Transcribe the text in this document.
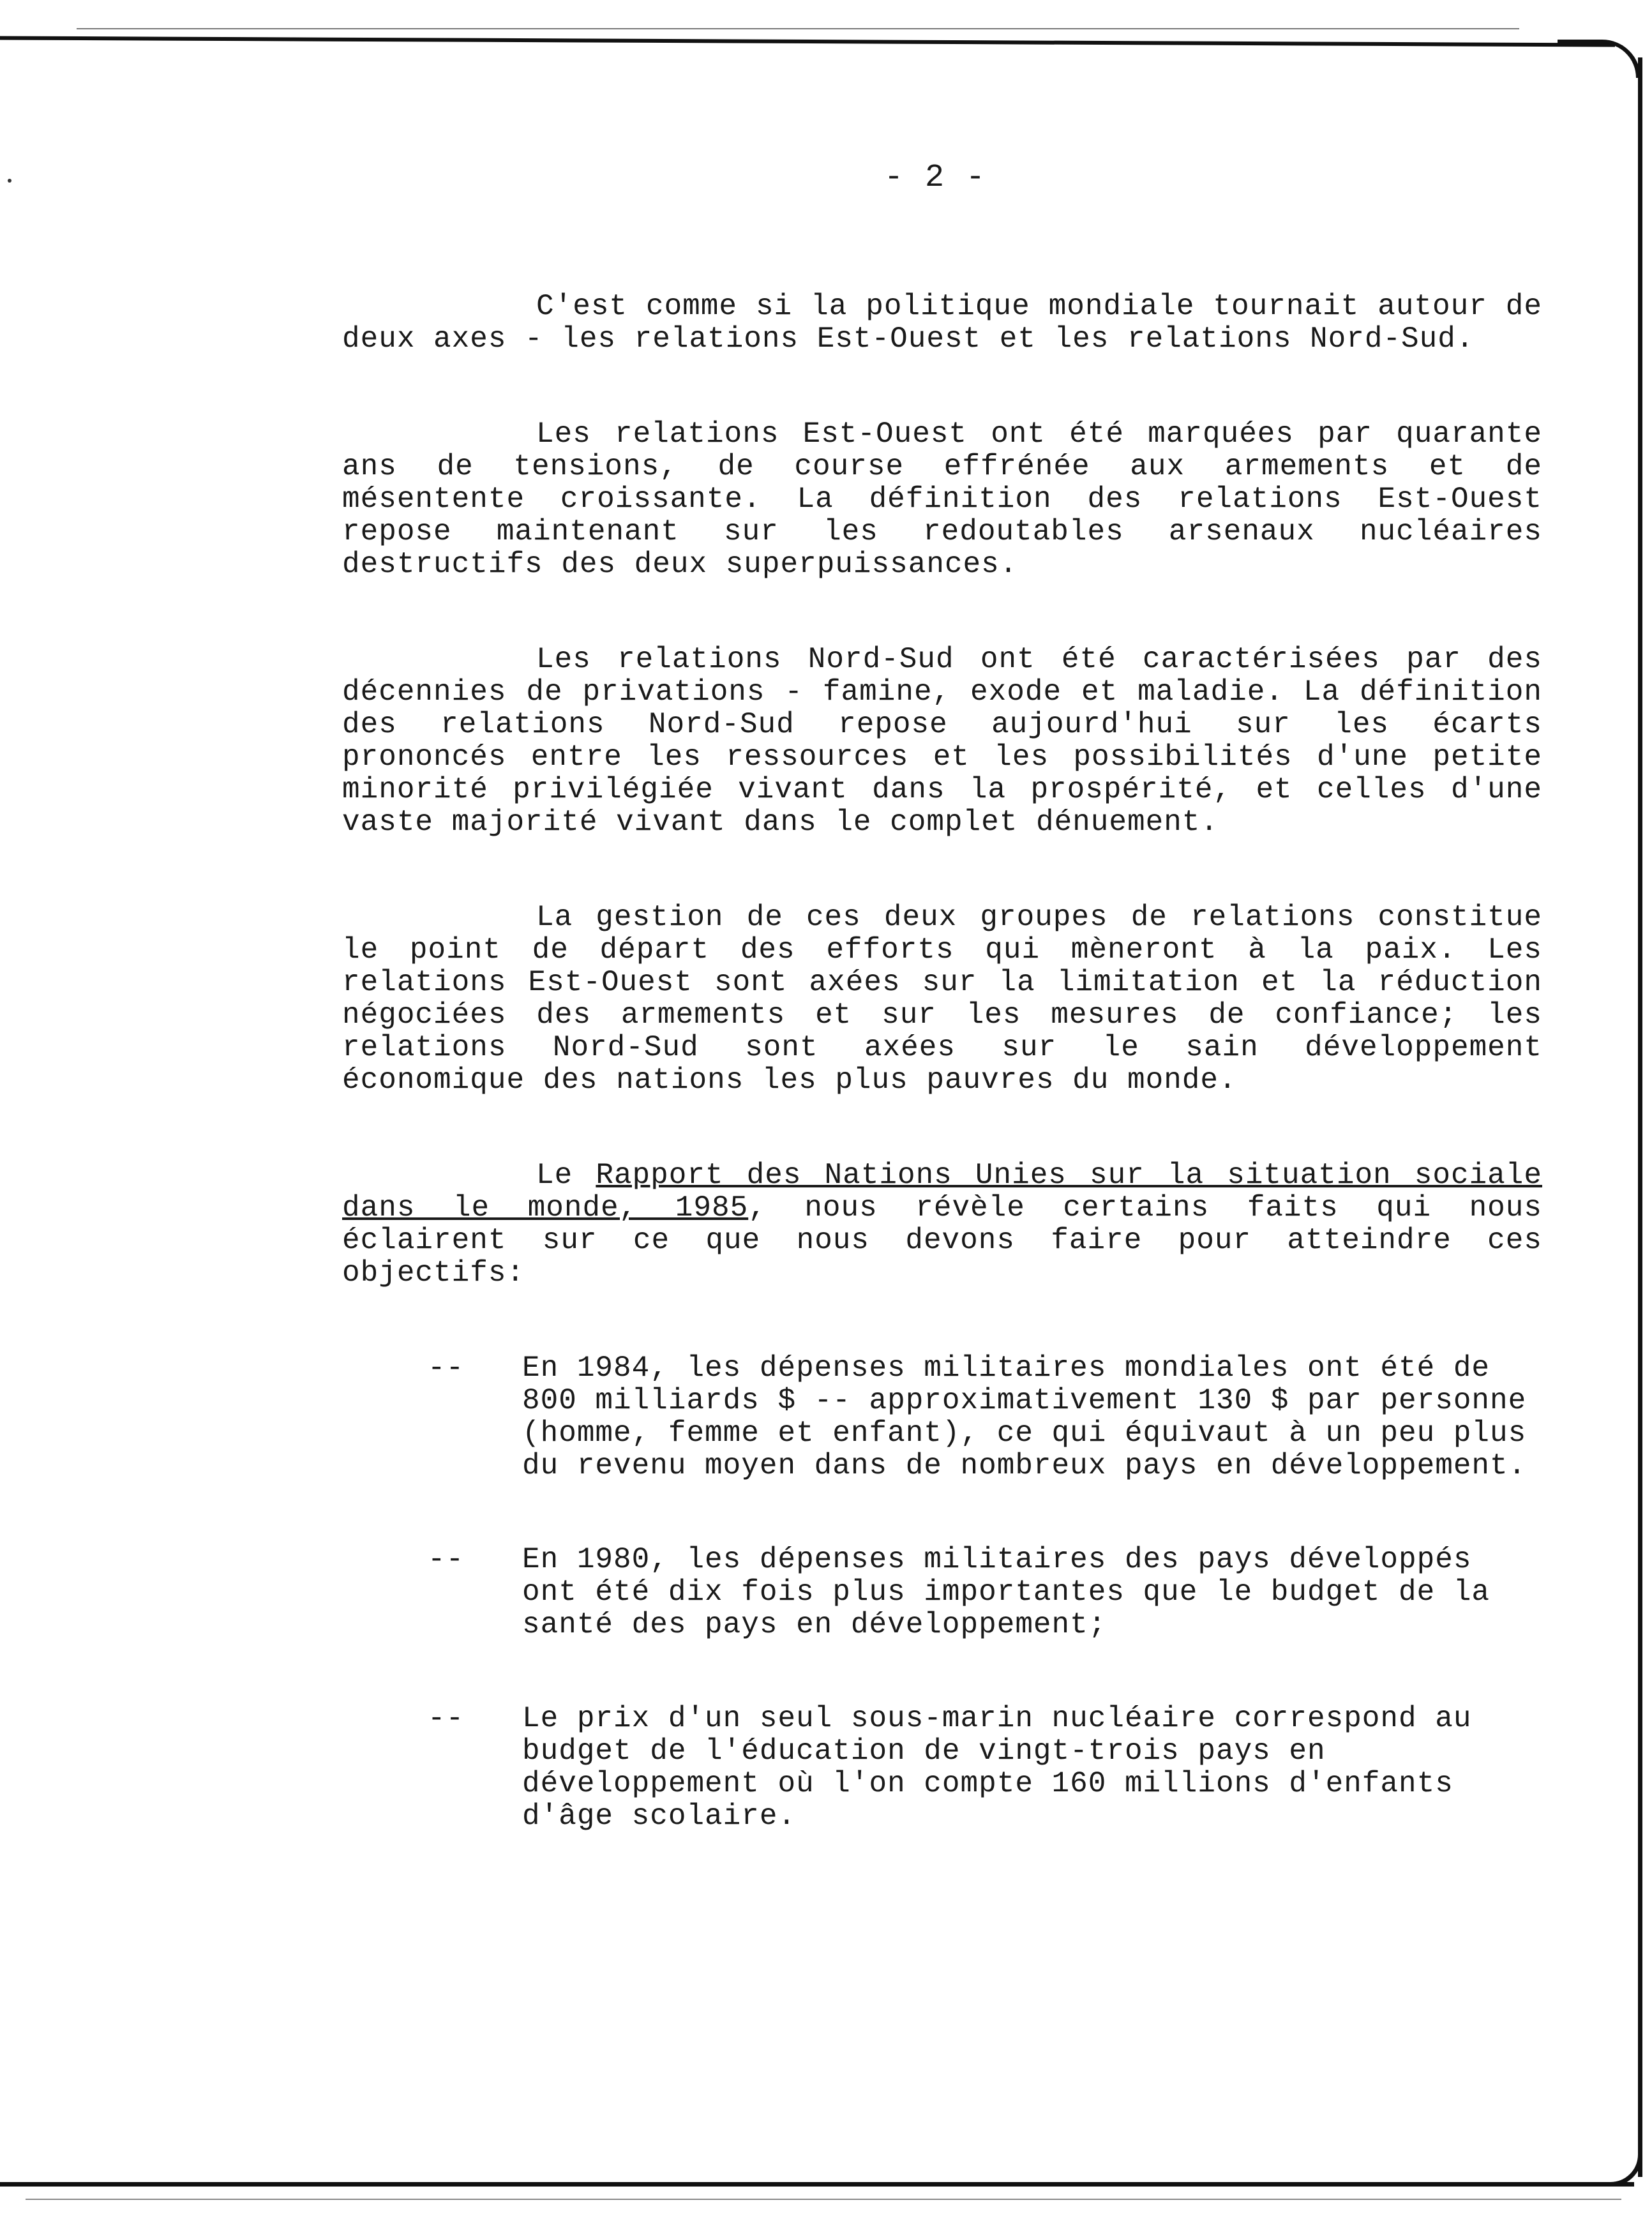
- 2 -

C'est comme si la politique mondiale tournait autour de deux axes - les relations Est-Ouest et les relations Nord-Sud.

Les relations Est-Ouest ont été marquées par quarante ans de tensions, de course effrénée aux armements et de mésentente croissante. La définition des relations Est-Ouest repose maintenant sur les redoutables arsenaux nucléaires destructifs des deux superpuissances.

Les relations Nord-Sud ont été caractérisées par des décennies de privations - famine, exode et maladie. La définition des relations Nord-Sud repose aujourd'hui sur les écarts prononcés entre les ressources et les possibilités d'une petite minorité privilégiée vivant dans la prospérité, et celles d'une vaste majorité vivant dans le complet dénuement.

La gestion de ces deux groupes de relations constitue le point de départ des efforts qui mèneront à la paix. Les relations Est-Ouest sont axées sur la limitation et la réduction négociées des armements et sur les mesures de confiance; les relations Nord-Sud sont axées sur le sain développement économique des nations les plus pauvres du monde.

Le Rapport des Nations Unies sur la situation sociale dans le monde, 1985, nous révèle certains faits qui nous éclairent sur ce que nous devons faire pour atteindre ces objectifs:

-- En 1984, les dépenses militaires mondiales ont été de 800 milliards $ -- approximativement 130 $ par personne (homme, femme et enfant), ce qui équivaut à un peu plus du revenu moyen dans de nombreux pays en développement.
-- En 1980, les dépenses militaires des pays développés ont été dix fois plus importantes que le budget de la santé des pays en développement;
-- Le prix d'un seul sous-marin nucléaire correspond au budget de l'éducation de vingt-trois pays en développement où l'on compte 160 millions d'enfants d'âge scolaire.
